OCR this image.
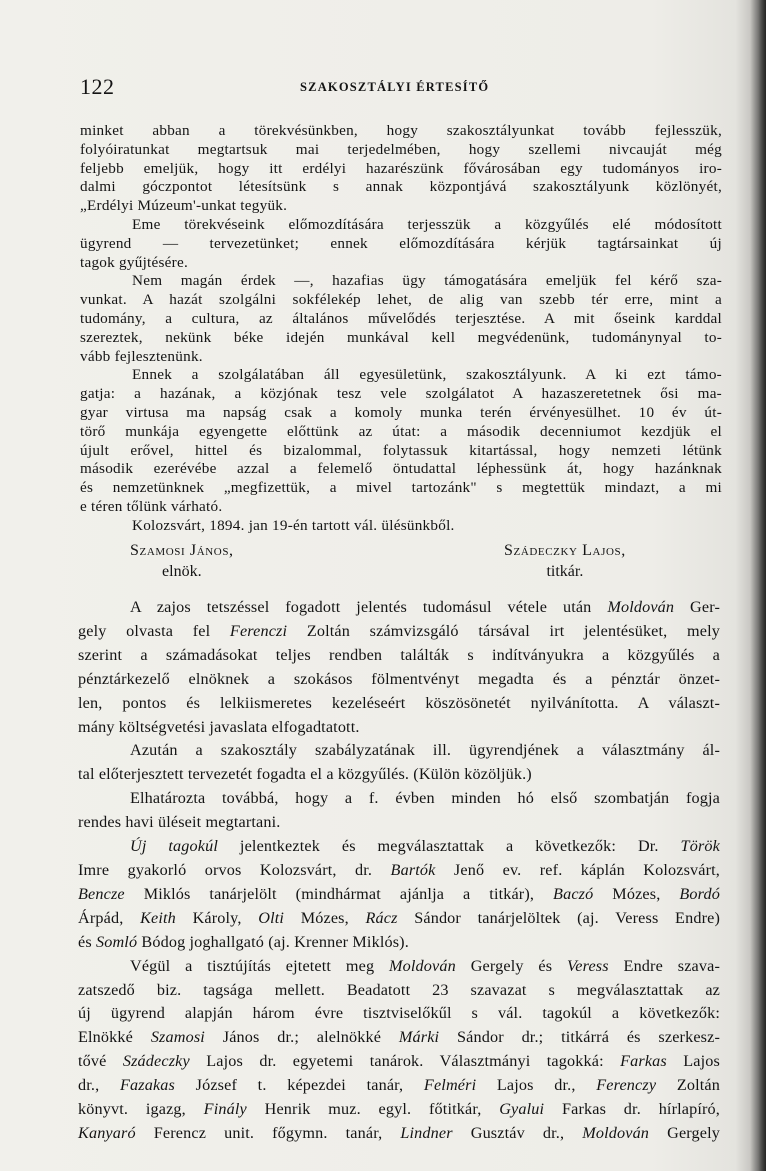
122	SZAKOSZTÁLYI ÉRTESÍTŐ
minket abban a törekvésünkben, hogy szakosztályunkat tovább fejlesszük,
folyóiratunkat megtartsuk mai terjedelmében, hogy szellemi nivcauját még
feljebb emeljük, hogy itt erdélyi hazarészünk fővárosában egy tudományos iro-
dalmi góczpontot létesítsünk s annak központjává szakosztályunk közlönyét,
„Erdélyi Múzeum'-unkat tegyük.
Eme törekvéseink előmozdítására terjesszük a közgyűlés elé módosított
ügyrend — tervezetünket; ennek előmozdítására kérjük tagtársainkat új
tagok gyűjtésére.
Nem magán érdek —, hazafias ügy támogatására emeljük fel kérő sza-
vunkat. A hazát szolgálni sokfélekép lehet, de alig van szebb tér erre, mint a
tudomány, a cultura, az általános művelődés terjesztése. A mit őseink karddal
szereztek, nekünk béke idején munkával kell megvédenünk, tudománynyal to-
vább fejlesztenünk.
Ennek a szolgálatában áll egyesületünk, szakosztályunk. A ki ezt támo-
gatja: a hazának, a közjónak tesz vele szolgálatot A hazaszeretetnek ősi ma-
gyar virtusa ma napság csak a komoly munka terén érvényesülhet. 10 év út-
törő munkája egyengette előttünk az útat: a második decenniumot kezdjük el
újult erővel, hittel és bizalommal, folytassuk kitartással, hogy nemzeti létünk
második ezerévébe azzal a felemelő öntudattal léphessünk át, hogy hazánknak
és nemzetünknek „megfizettük, a mivel tartozánk" s megtettük mindazt, a mi
e téren tőlünk várható.
Kolozsvárt, 1894. jan 19-én tartott vál. ülésünkből.
Szamosi János,
elnök.
Szádeczky Lajos,
titkár.
A zajos tetszéssel fogadott jelentés tudomásul vétele után Moldován Ger-
gely olvasta fel Ferenczi Zoltán számvizsgáló társával irt jelentésüket, mely
szerint a számadásokat teljes rendben találták s indítványukra a közgyűlés a
pénztárkezelő elnöknek a szokásos fölmentvényt megadta és a pénztár önzet-
len, pontos és lelkiismeretes kezeléseért köszösönetét nyilvánította. A választ-
mány költségvetési javaslata elfogadtatott.
Azután a szakosztály szabályzatának ill. ügyrendjének a választmány ál-
tal előterjesztett tervezetét fogadta el a közgyűlés. (Külön közöljük.)
Elhatározta továbbá, hogy a f. évben minden hó első szombatján fogja
rendes havi üléseit megtartani.
Új tagokúl jelentkeztek és megválasztattak a következők: Dr. Török
Imre gyakorló orvos Kolozsvárt, dr. Bartók Jenő ev. ref. káplán Kolozsvárt,
Bencze Miklós tanárjelölt (mindhármat ajánlja a titkár), Baczó Mózes, Bordó
Árpád, Keith Károly, Olti Mózes, Rácz Sándor tanárjelöltek (aj. Veress Endre)
és Somló Bódog joghallgató (aj. Krenner Miklós).
Végül a tisztújítás ejtetett meg Moldován Gergely és Veress Endre szava-
zatszedő biz. tagsága mellett. Beadatott 23 szavazat s megválasztattak az
új ügyrend alapján három évre tisztviselőkűl s vál. tagokúl a következők:
Elnökké Szamosi János dr.; alelnökké Márki Sándor dr.; titkárrá és szerkesz-
tővé Szádeczky Lajos dr. egyetemi tanárok. Választmányi tagokká: Farkas Lajos
dr., Fazakas József t. képezdei tanár, Felméri Lajos dr., Ferenczy Zoltán
könyvt. igazg, Finály Henrik muz. egyl. főtitkár, Gyalui Farkas dr. hírlapíró,
Kanyaró Ferencz unit. főgymn. tanár, Lindner Gusztáv dr., Moldován Gergely
